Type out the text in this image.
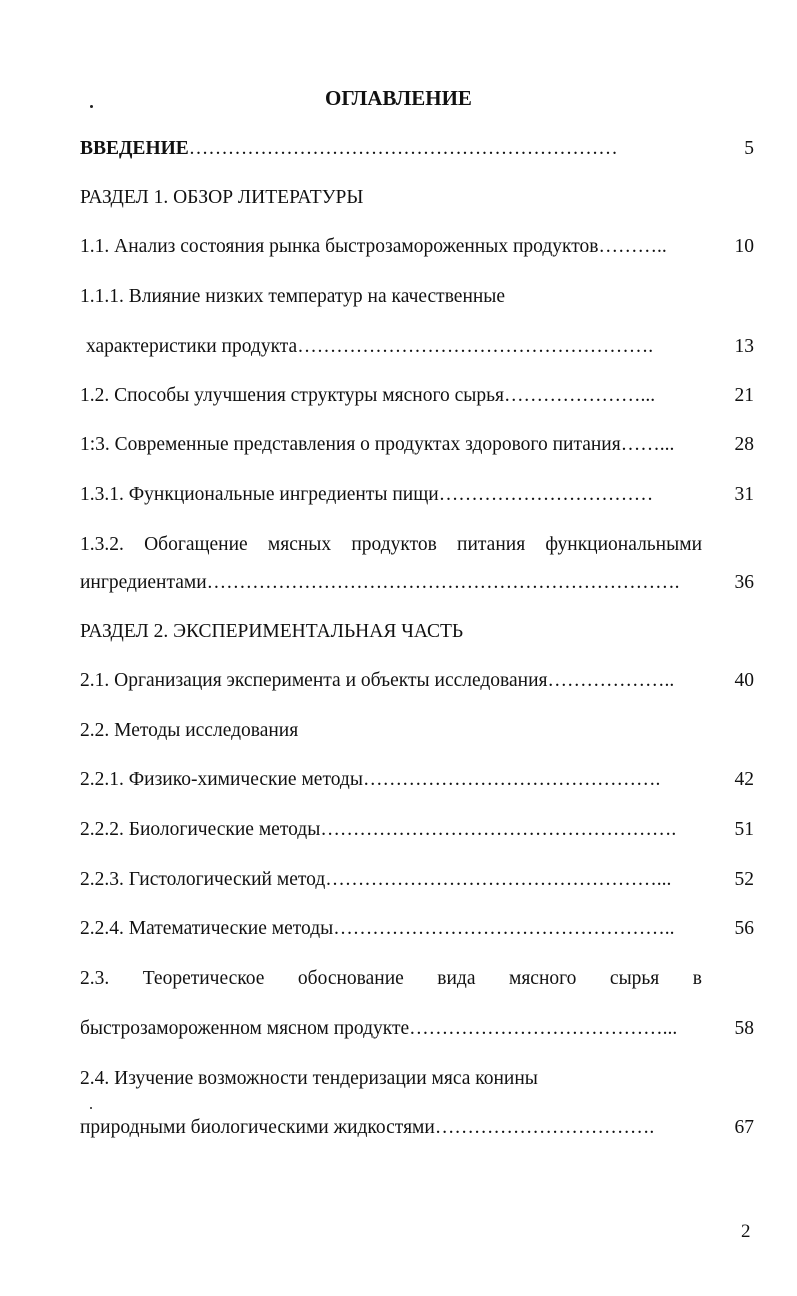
ОГЛАВЛЕНИЕ
ВВЕДЕНИЕ…………………………………………………………	5
РАЗДЕЛ 1. ОБЗОР ЛИТЕРАТУРЫ
1.1. Анализ состояния рынка быстрозамороженных продуктов………..	10
1.1.1. Влияние низких температур на качественные
характеристики продукта……………………………………………….	13
1.2. Способы улучшения структуры мясного сырья…………………...	21
1:3. Современные представления о продуктах здорового питания……...	28
1.3.1. Функциональные ингредиенты пищи……………………………	31
1.3.2. Обогащение мясных продуктов питания функциональными
ингредиентами……………………………………………………………….	36
РАЗДЕЛ 2. ЭКСПЕРИМЕНТАЛЬНАЯ ЧАСТЬ
2.1. Организация эксперимента и объекты исследования………………..	40
2.2. Методы исследования
2.2.1. Физико-химические методы……………………………………….	42
2.2.2. Биологические методы……………………………………………….	51
2.2.3. Гистологический метод……………………………………………...	52
2.2.4. Математические методы……………………………………………..	56
2.3. Теоретическое обоснование вида мясного сырья в
быстрозамороженном мясном продукте…………………………………...	58
2.4. Изучение возможности тендеризации мяса конины
природными биологическими жидкостями…………………………….	67
2
